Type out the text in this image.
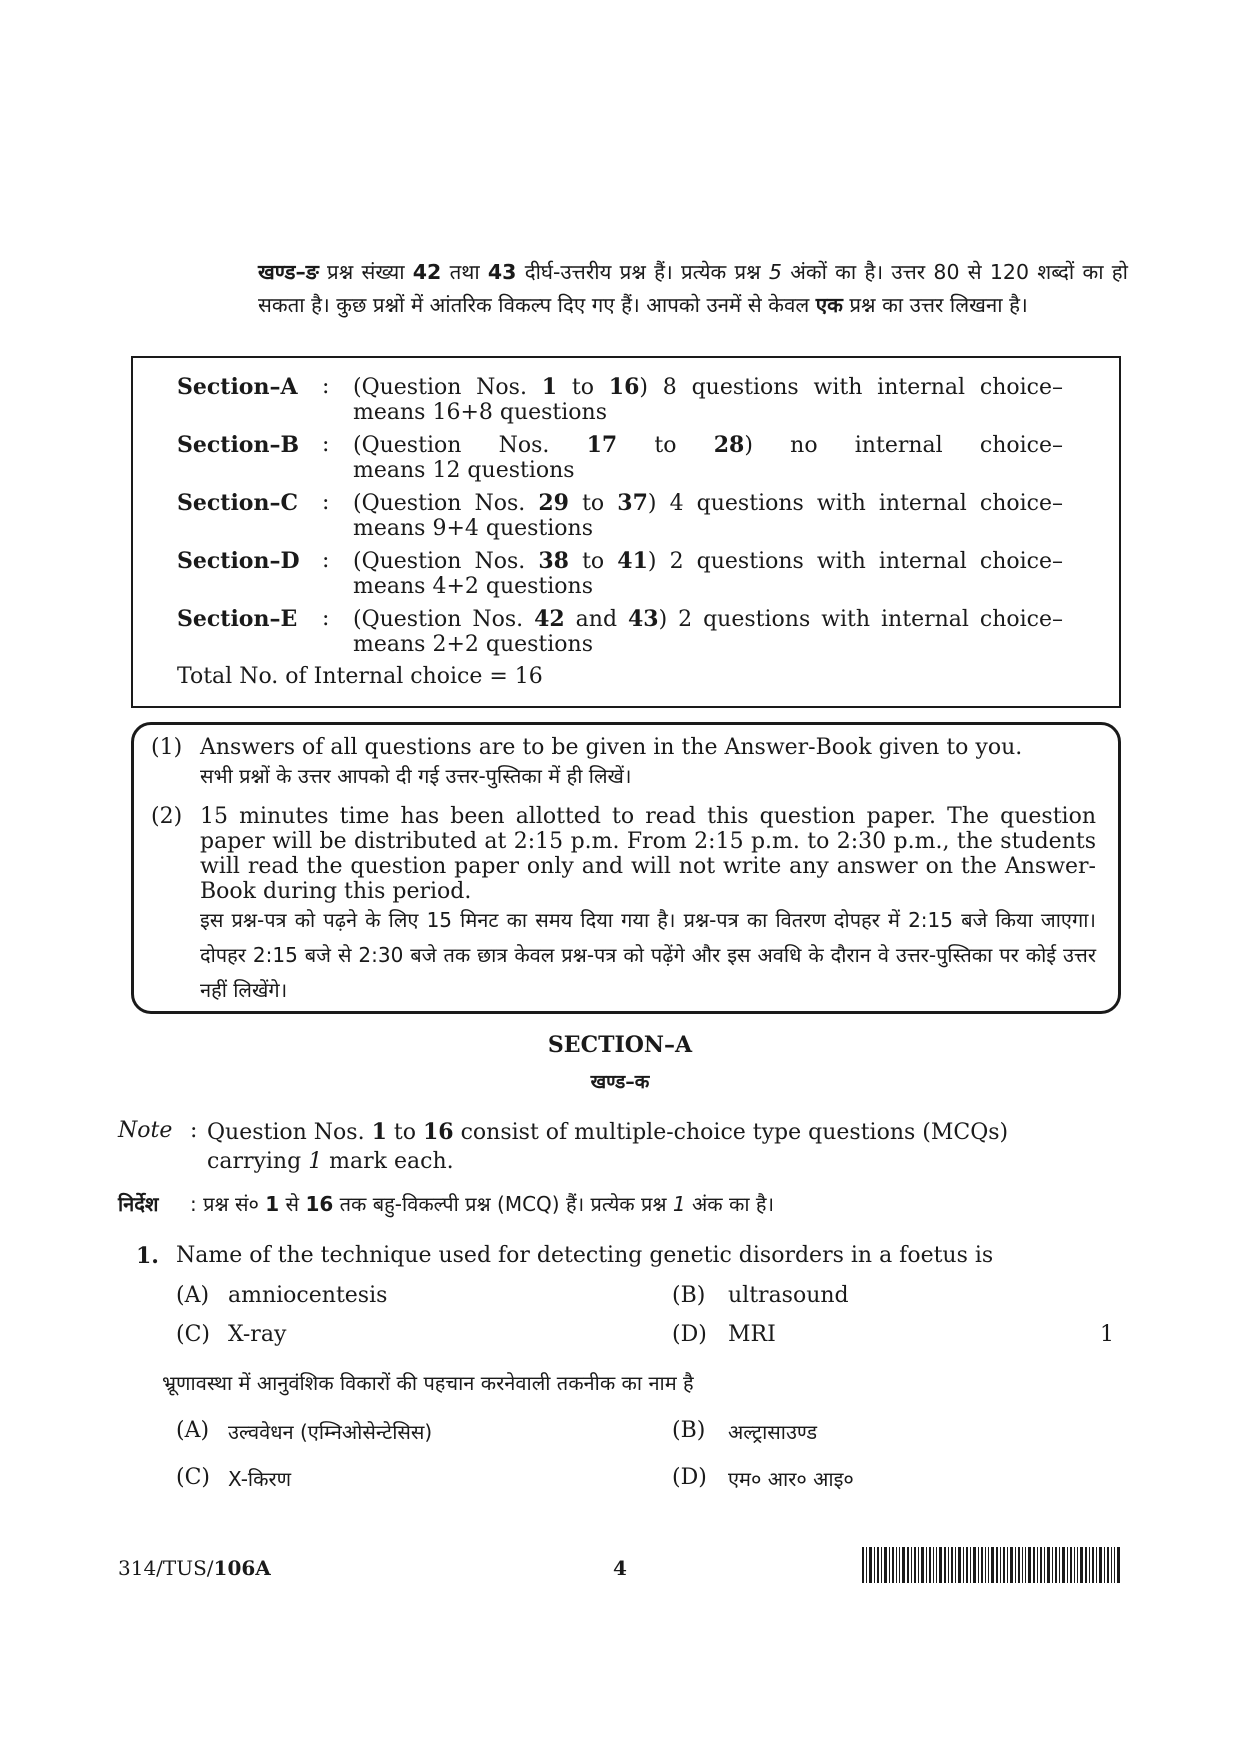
खण्ड–ङ प्रश्न संख्या 42 तथा 43 दीर्घ-उत्तरीय प्रश्न हैं। प्रत्येक प्रश्न 5 अंकों का है। उत्तर 80 से 120 शब्दों का हो सकता है। कुछ प्रश्नों में आंतरिक विकल्प दिए गए हैं। आपको उनमें से केवल एक प्रश्न का उत्तर लिखना है।
Section–A : (Question Nos. 1 to 16) 8 questions with internal choice–
means 16+8 questions
Section–B : (Question Nos. 17 to 28) no internal choice–
means 12 questions
Section–C : (Question Nos. 29 to 37) 4 questions with internal choice–
means 9+4 questions
Section–D : (Question Nos. 38 to 41) 2 questions with internal choice–
means 4+2 questions
Section–E : (Question Nos. 42 and 43) 2 questions with internal choice–
means 2+2 questions
Total No. of Internal choice = 16
(1) Answers of all questions are to be given in the Answer-Book given to you.
सभी प्रश्नों के उत्तर आपको दी गई उत्तर-पुस्तिका में ही लिखें।
(2) 15 minutes time has been allotted to read this question paper. The question paper will be distributed at 2:15 p.m. From 2:15 p.m. to 2:30 p.m., the students will read the question paper only and will not write any answer on the Answer-Book during this period.
इस प्रश्न-पत्र को पढ़ने के लिए 15 मिनट का समय दिया गया है। प्रश्न-पत्र का वितरण दोपहर में 2:15 बजे किया जाएगा। दोपहर 2:15 बजे से 2:30 बजे तक छात्र केवल प्रश्न-पत्र को पढ़ेंगे और इस अवधि के दौरान वे उत्तर-पुस्तिका पर कोई उत्तर नहीं लिखेंगे।
SECTION–A
खण्ड–क
Note : Question Nos. 1 to 16 consist of multiple-choice type questions (MCQs) carrying 1 mark each.
निर्देश : प्रश्न सं० 1 से 16 तक बहु-विकल्पी प्रश्न (MCQ) हैं। प्रत्येक प्रश्न 1 अंक का है।
1. Name of the technique used for detecting genetic disorders in a foetus is
(A) amniocentesis	(B) ultrasound
(C) X-ray	(D) MRI	1
भ्रूणावस्था में आनुवंशिक विकारों की पहचान करनेवाली तकनीक का नाम है
(A) उल्ववेधन (एम्निओसेन्टेसिस)	(B) अल्ट्रासाउण्ड
(C) X-किरण	(D) एम० आर० आइ०
314/TUS/106A	4
